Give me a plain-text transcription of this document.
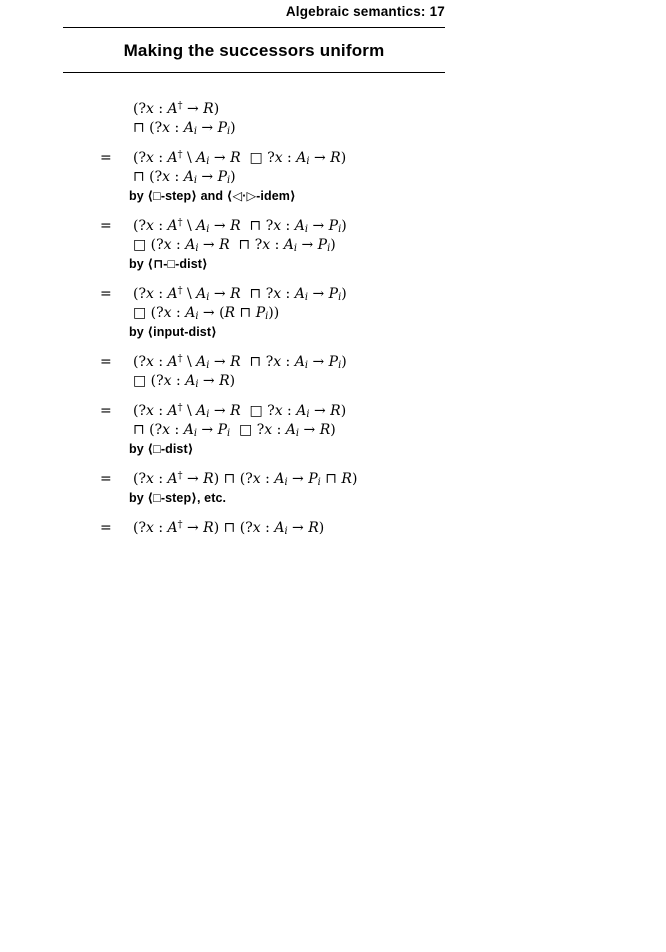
Algebraic semantics: 17
Making the successors uniform
(?x : A† → R)
⊓ (?x : $A_i \to P_i$)
=	(?x : A† \ $A_i \to R$  □ ?x : $A_i \to R$)
⊓ (?x : $A_i \to P_i$)
by ⟨□-step⟩ and ⟨◁·▷-idem⟩
=	(?x : A† \ $A_i \to R$  ⊓ ?x : $A_i \to P_i$)
□ (?x : $A_i \to R$  ⊓ ?x : $A_i \to P_i$)
by ⟨⊓-□-dist⟩
=	(?x : A† \ $A_i \to R$  ⊓ ?x : $A_i \to P_i$)
□ (?x : $A_i \to (R$ ⊓ $P_i$))
by ⟨input-dist⟩
=	(?x : A† \ $A_i \to R$  ⊓ ?x : $A_i \to P_i$)
□ (?x : $A_i \to R$)
=	(?x : A† \ $A_i \to R$  □ ?x : $A_i \to R$)
⊓ (?x : $A_i \to P_i$  □ ?x : $A_i \to R$)
by ⟨□-dist⟩
=	(?x : A† → R) ⊓ (?x : $A_i \to P_i$ ⊓ R)
by ⟨□-step⟩, etc.
=	(?x : A† → R) ⊓ (?x : $A_i \to R$)
